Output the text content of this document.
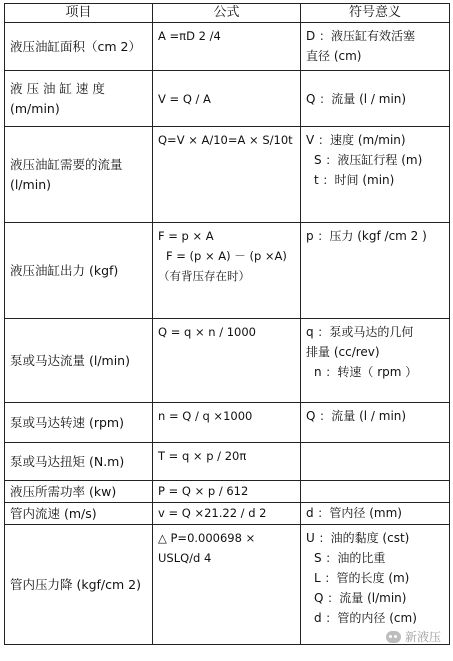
项目	公式	符号意义
液压油缸面积（cm 2）	A =πD 2 /4	D ：液压缸有效活塞
直径 (cm)

液 压 油 缸 速 度 (m/min)	V = Q / A	Q ：流量 (l / min)

液压油缸需要的流量 (l/min)	Q=V × A/10=A × S/10t	V ：速度 (m/min)
S ：液压缸行程 (m)
t ：时间 (min)

液压油缸出力 (kgf)	F = p × A
F = (p × A) － (p ×A)
（有背压存在时）	p ：压力 (kgf /cm 2 )

泵或马达流量 (l/min)	Q = q × n / 1000	q ：泵或马达的几何
排量 (cc/rev)
n ：转速（ rpm ）

泵或马达转速 (rpm)	n = Q / q ×1000	Q ：流量 (l / min)

泵或马达扭矩 (N.m)	T = q × p / 20π	

液压所需功率 (kw)	P = Q × p / 612	

管内流速 (m/s)	v = Q ×21.22 / d 2	d ：管内径 (mm)

管内压力降 (kgf/cm 2)	△ P=0.000698 × USLQ/d 4	U ：油的黏度 (cst)
S ：油的比重
L ：管的长度 (m)
Q ：流量 (l/min)
d ：管的内径 (cm)
新液压
